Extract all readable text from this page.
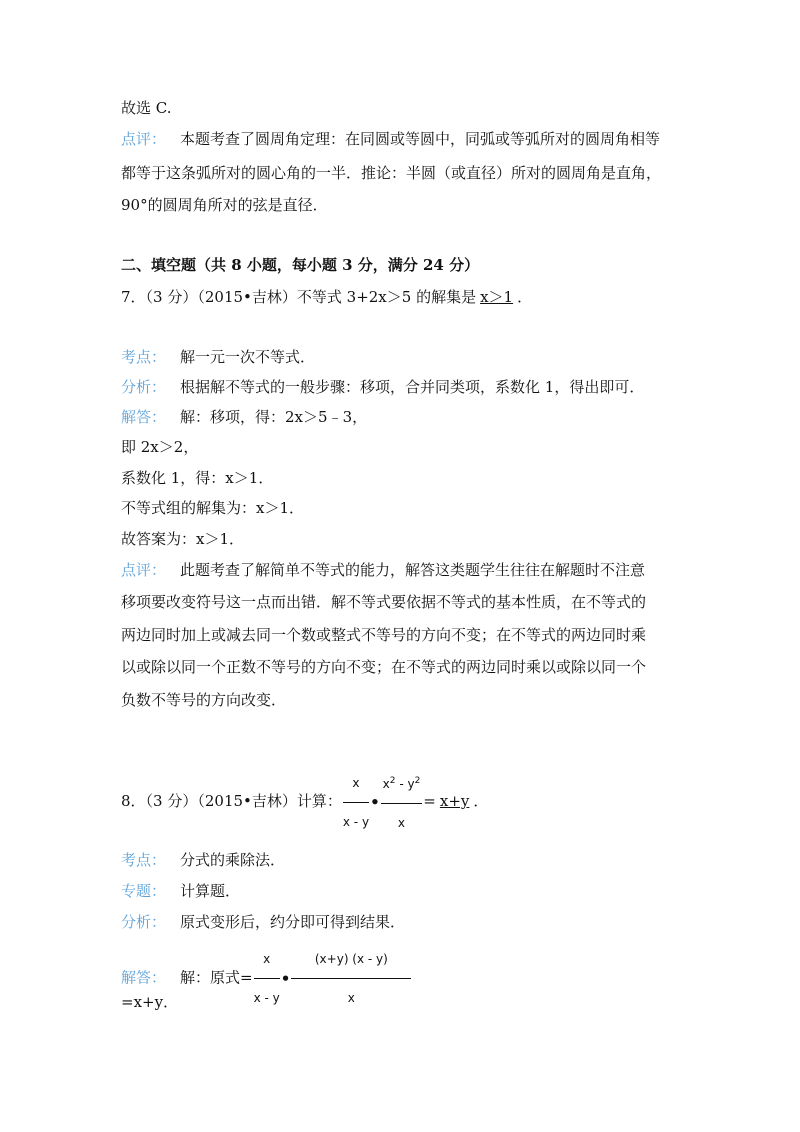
故选 C.
点评： 本题考查了圆周角定理：在同圆或等圆中，同弧或等弧所对的圆周角相等
都等于这条弧所对的圆心角的一半．推论：半圆（或直径）所对的圆周角是直角，
90°的圆周角所对的弦是直径．
二、填空题（共 8 小题，每小题 3 分，满分 24 分）
7．（3 分）（2015•吉林）不等式 3+2x＞5 的解集是 x＞1 ．
考点： 解一元一次不等式．
分析： 根据解不等式的一般步骤：移项，合并同类项，系数化 1，得出即可．
解答： 解：移项，得：2x＞5﹣3，
即 2x＞2，
系数化 1，得：x＞1．
不等式组的解集为：x＞1．
故答案为：x＞1．
点评： 此题考查了解简单不等式的能力，解答这类题学生往往在解题时不注意
移项要改变符号这一点而出错．解不等式要依据不等式的基本性质，在不等式的
两边同时加上或减去同一个数或整式不等号的方向不变；在不等式的两边同时乘
以或除以同一个正数不等号的方向不变；在不等式的两边同时乘以或除以同一个
负数不等号的方向改变．
8．（3 分）（2015•吉林）计算： $\frac{x}{x - y}$ • $\frac{x^2 - y^2}{x} = x+y$ ．
考点： 分式的乘除法．
专题： 计算题．
分析： 原式变形后，约分即可得到结果．
解答： 解：原式= $\frac{x}{x - y}$ • $\frac{(x+y) (x - y)}{x}$
=x+y．
